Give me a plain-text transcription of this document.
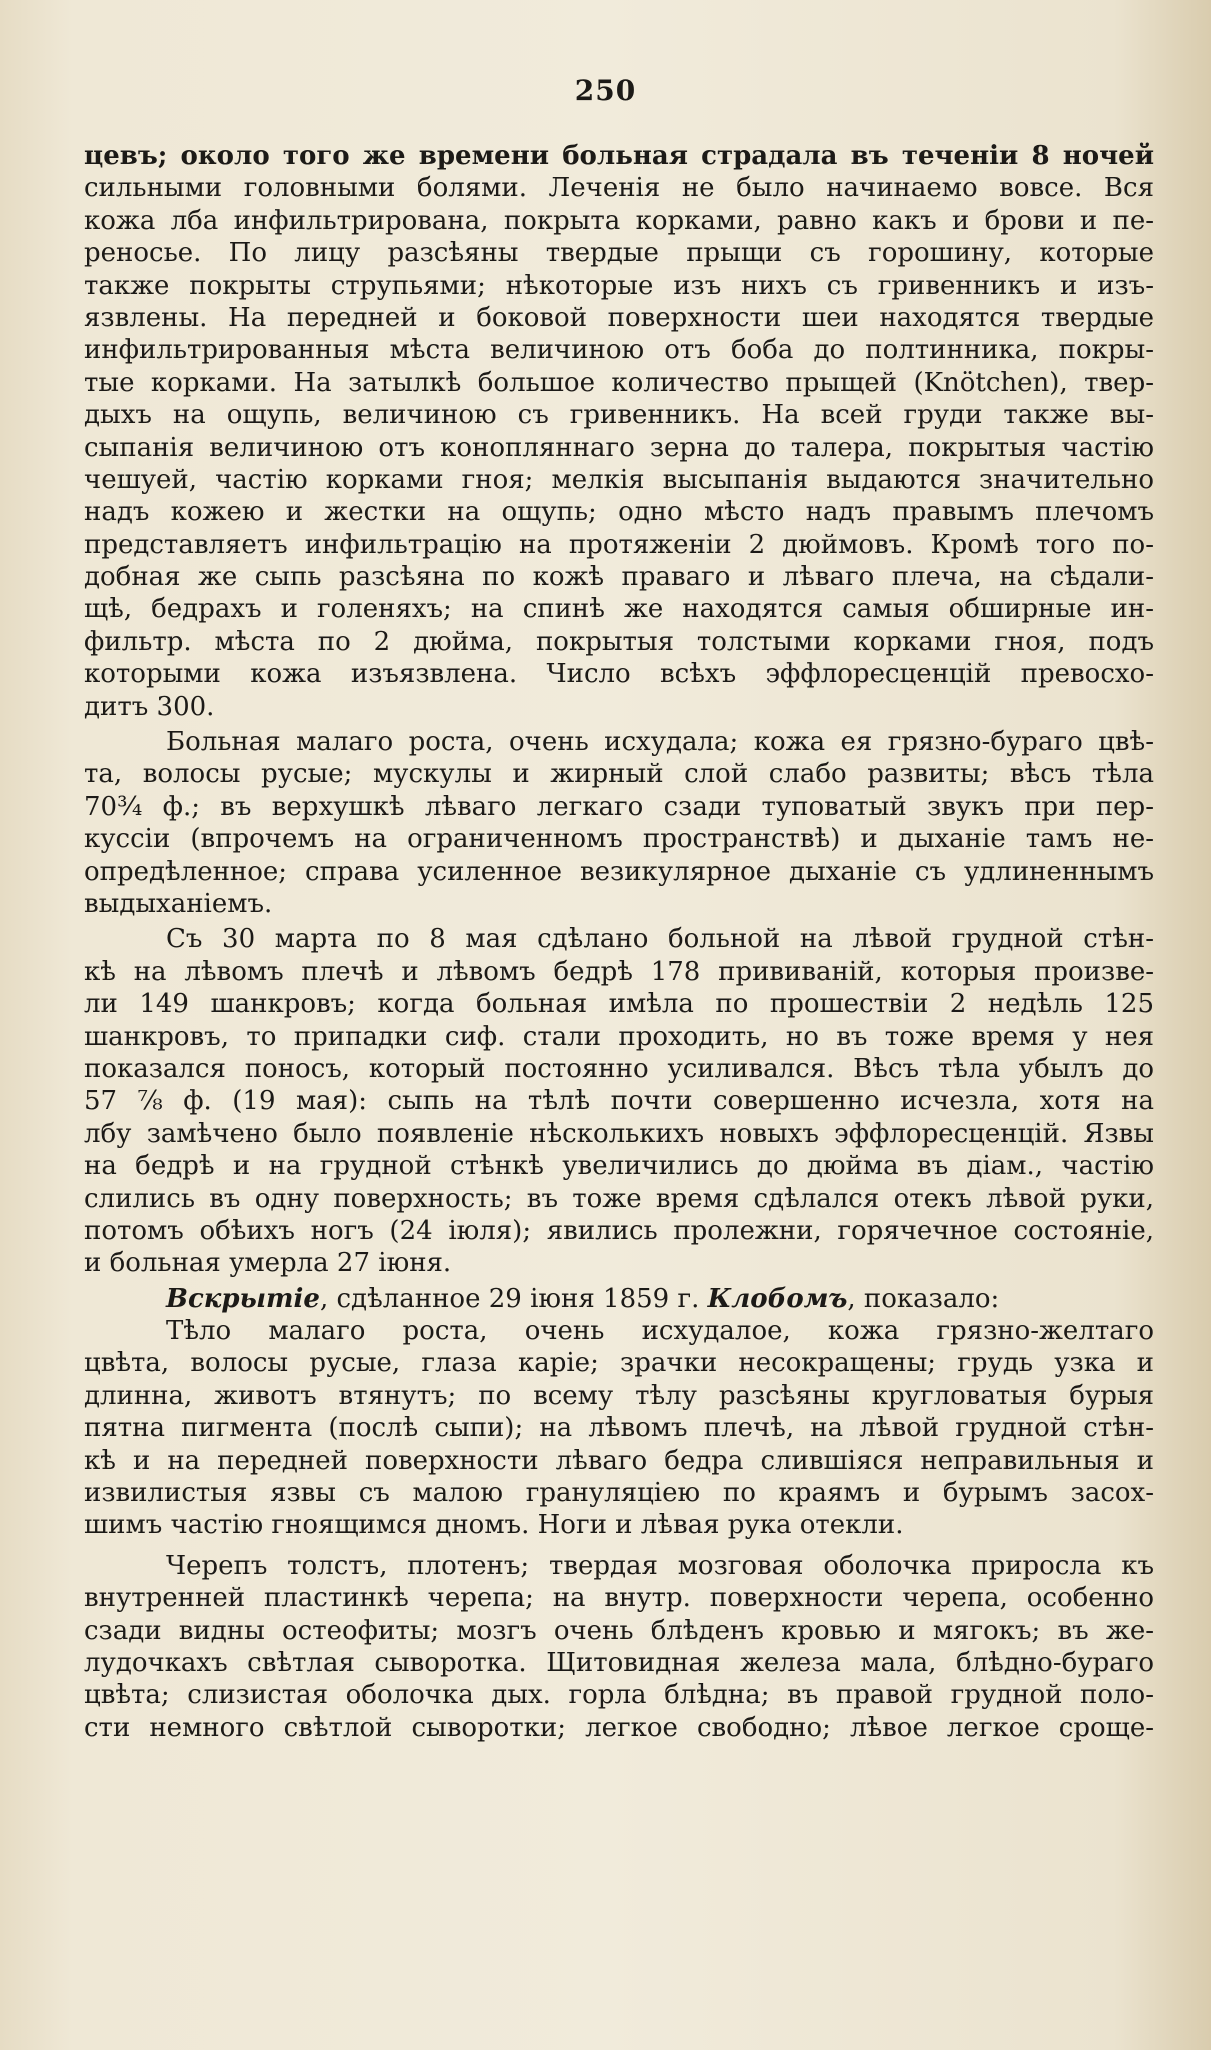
250
цевъ; около того же времени больная страдала въ теченіи 8 ночей
сильными головными болями. Леченія не было начинаемо вовсе. Вся
кожа лба инфильтрирована, покрыта корками, равно какъ и брови и пе-
реносье. По лицу разсѣяны твердые прыщи съ горошину, которые
также покрыты струпьями; нѣкоторые изъ нихъ съ гривенникъ и изъ-
язвлены. На передней и боковой поверхности шеи находятся твердые
инфильтрированныя мѣста величиною отъ боба до полтинника, покры-
тые корками. На затылкѣ большое количество прыщей (Knötchen), твер-
дыхъ на ощупь, величиною съ гривенникъ. На всей груди также вы-
сыпанія величиною отъ конопляннаго зерна до талера, покрытыя частію
чешуей, частію корками гноя; мелкія высыпанія выдаются значительно
надъ кожею и жестки на ощупь; одно мѣсто надъ правымъ плечомъ
представляетъ инфильтрацію на протяженіи 2 дюймовъ. Кромѣ того по-
добная же сыпь разсѣяна по кожѣ праваго и лѣваго плеча, на сѣдали-
щѣ, бедрахъ и голеняхъ; на спинѣ же находятся самыя обширные ин-
фильтр. мѣста по 2 дюйма, покрытыя толстыми корками гноя, подъ
которыми кожа изъязвлена. Число всѣхъ эффлоресценцій превосхо-
дитъ 300.
Больная малаго роста, очень исхудала; кожа ея грязно-бураго цвѣ-
та, волосы русые; мускулы и жирный слой слабо развиты; вѣсъ тѣла
70¾ ф.; въ верхушкѣ лѣваго легкаго сзади туповатый звукъ при пер-
куссіи (впрочемъ на ограниченномъ пространствѣ) и дыханіе тамъ не-
опредѣленное; справа усиленное везикулярное дыханіе съ удлиненнымъ
выдыханіемъ.
Съ 30 марта по 8 мая сдѣлано больной на лѣвой грудной стѣн-
кѣ на лѣвомъ плечѣ и лѣвомъ бедрѣ 178 прививаній, которыя произве-
ли 149 шанкровъ; когда больная имѣла по прошествіи 2 недѣль 125
шанкровъ, то припадки сиф. стали проходить, но въ тоже время у нея
показался поносъ, который постоянно усиливался. Вѣсъ тѣла убылъ до
57 ⅞ ф. (19 мая): сыпь на тѣлѣ почти совершенно исчезла, хотя на
лбу замѣчено было появленіе нѣсколькихъ новыхъ эффлоресценцій. Язвы
на бедрѣ и на грудной стѣнкѣ увеличились до дюйма въ діам., частію
слились въ одну поверхность; въ тоже время сдѣлался отекъ лѣвой руки,
потомъ обѣихъ ногъ (24 іюля); явились пролежни, горячечное состояніе,
и больная умерла 27 іюня.
Вскрытіе, сдѣланное 29 іюня 1859 г. Клобомъ, показало:
Tѣло малаго роста, очень исхудалое, кожа грязно-желтаго
цвѣта, волосы русые, глаза каріе; зрачки несокращены; грудь узка и
длинна, животъ втянутъ; по всему тѣлу разсѣяны кругловатыя бурыя
пятна пигмента (послѣ сыпи); на лѣвомъ плечѣ, на лѣвой грудной стѣн-
кѣ и на передней поверхности лѣваго бедра слившіяся неправильныя и
извилистыя язвы съ малою грануляціею по краямъ и бурымъ засох-
шимъ частію гноящимся дномъ. Ноги и лѣвая рука отекли.
Черепъ толстъ, плотенъ; твердая мозговая оболочка приросла къ
внутренней пластинкѣ черепа; на внутр. поверхности черепа, особенно
сзади видны остеофиты; мозгъ очень блѣденъ кровью и мягокъ; въ же-
лудочкахъ свѣтлая сыворотка. Щитовидная железа мала, блѣдно-бураго
цвѣта; слизистая оболочка дых. горла блѣдна; въ правой грудной поло-
сти немного свѣтлой сыворотки; легкое свободно; лѣвое легкое сроще-
